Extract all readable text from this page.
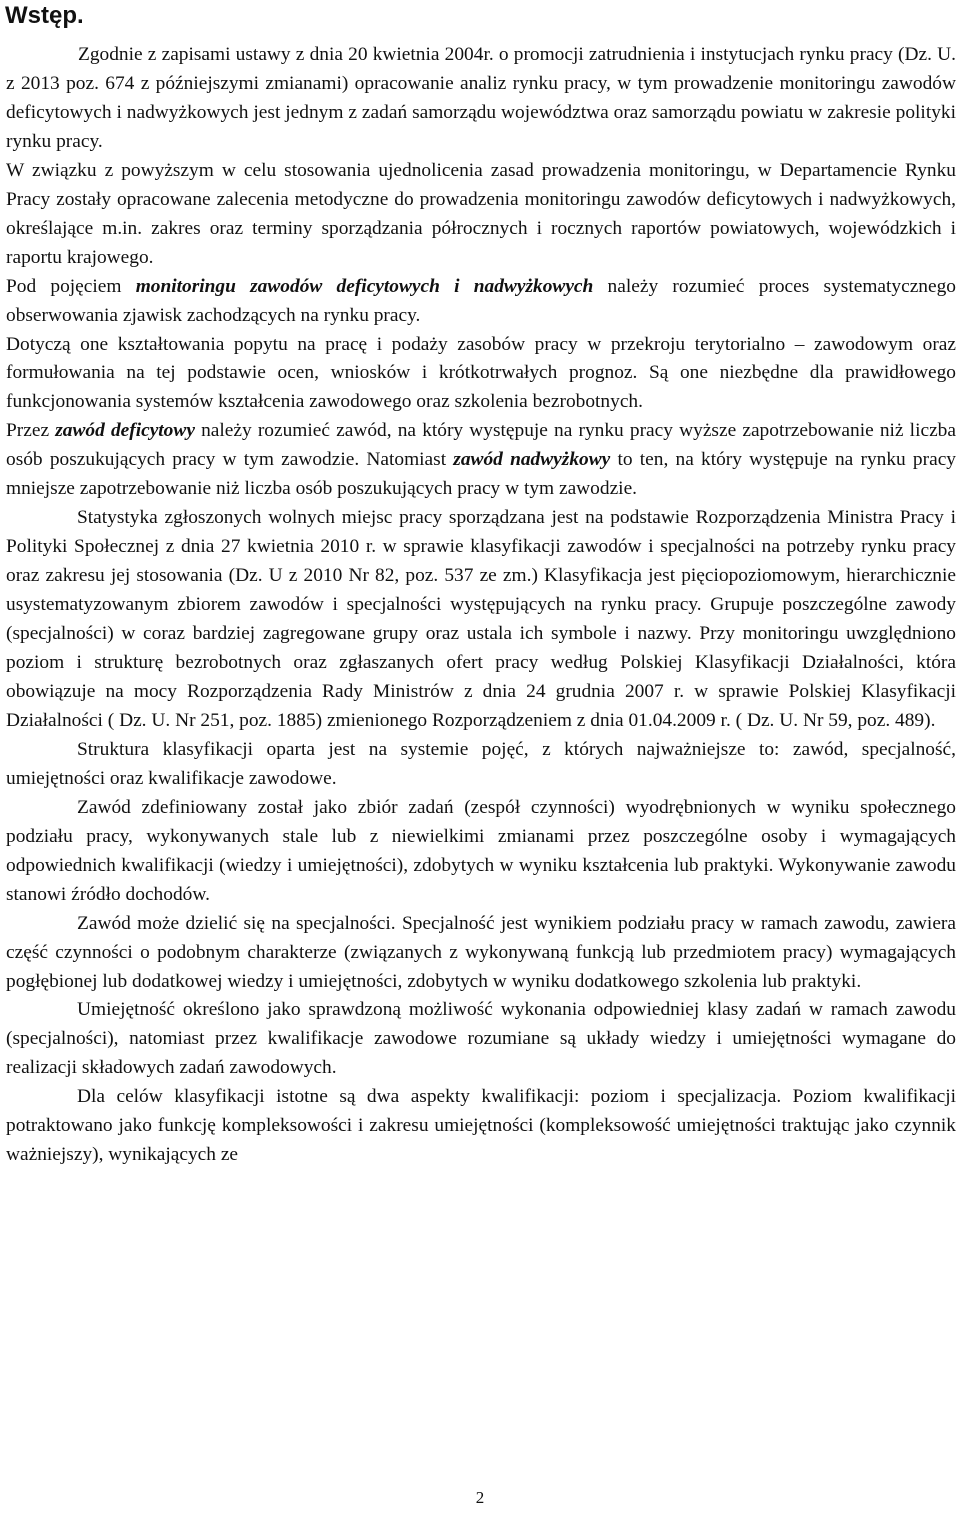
Wstęp.

Zgodnie z zapisami ustawy z dnia 20 kwietnia 2004r. o promocji zatrudnienia i instytucjach rynku pracy (Dz. U. z 2013 poz. 674 z późniejszymi zmianami) opracowanie analiz rynku pracy, w tym prowadzenie monitoringu zawodów deficytowych i nadwyżkowych jest jednym z zadań samorządu województwa oraz samorządu powiatu w zakresie polityki rynku pracy.

W związku z powyższym w celu stosowania ujednolicenia zasad prowadzenia monitoringu, w Departamencie Rynku Pracy zostały opracowane zalecenia metodyczne do prowadzenia monitoringu zawodów deficytowych i nadwyżkowych, określające m.in. zakres oraz terminy sporządzania półrocznych i rocznych raportów powiatowych, wojewódzkich i raportu krajowego.

Pod pojęciem monitoringu zawodów deficytowych i nadwyżkowych należy rozumieć proces systematycznego obserwowania zjawisk zachodzących na rynku pracy.

Dotyczą one kształtowania popytu na pracę i podaży zasobów pracy w przekroju terytorialno – zawodowym oraz formułowania na tej podstawie ocen, wniosków i krótkotrwałych prognoz. Są one niezbędne dla prawidłowego funkcjonowania systemów kształcenia zawodowego oraz szkolenia bezrobotnych.

Przez zawód deficytowy należy rozumieć zawód, na który występuje na rynku pracy wyższe zapotrzebowanie niż liczba osób poszukujących pracy w tym zawodzie. Natomiast zawód nadwyżkowy to ten, na który występuje na rynku pracy mniejsze zapotrzebowanie niż liczba osób poszukujących pracy w tym zawodzie.

Statystyka zgłoszonych wolnych miejsc pracy sporządzana jest na podstawie Rozporządzenia Ministra Pracy i Polityki Społecznej z dnia 27 kwietnia 2010 r. w sprawie klasyfikacji zawodów i specjalności na potrzeby rynku pracy oraz zakresu jej stosowania (Dz. U z 2010 Nr 82, poz. 537 ze zm.) Klasyfikacja jest pięciopoziomowym, hierarchicznie usystematyzowanym zbiorem zawodów i specjalności występujących na rynku pracy. Grupuje poszczególne zawody (specjalności) w coraz bardziej zagregowane grupy oraz ustala ich symbole i nazwy. Przy monitoringu uwzględniono poziom i strukturę bezrobotnych oraz zgłaszanych ofert pracy według Polskiej Klasyfikacji Działalności, która obowiązuje na mocy Rozporządzenia Rady Ministrów z dnia 24 grudnia 2007 r. w sprawie Polskiej Klasyfikacji Działalności ( Dz. U. Nr 251, poz. 1885) zmienionego Rozporządzeniem z dnia 01.04.2009 r. ( Dz. U. Nr 59, poz. 489).

Struktura klasyfikacji oparta jest na systemie pojęć, z których najważniejsze to: zawód, specjalność, umiejętności oraz kwalifikacje zawodowe.

Zawód zdefiniowany został jako zbiór zadań (zespół czynności) wyodrębnionych w wyniku społecznego podziału pracy, wykonywanych stale lub z niewielkimi zmianami przez poszczególne osoby i wymagających odpowiednich kwalifikacji (wiedzy i umiejętności), zdobytych w wyniku kształcenia lub praktyki. Wykonywanie zawodu stanowi źródło dochodów.

Zawód może dzielić się na specjalności. Specjalność jest wynikiem podziału pracy w ramach zawodu, zawiera część czynności o podobnym charakterze (związanych z wykonywaną funkcją lub przedmiotem pracy) wymagających pogłębionej lub dodatkowej wiedzy i umiejętności, zdobytych w wyniku dodatkowego szkolenia lub praktyki.

Umiejętność określono jako sprawdzoną możliwość wykonania odpowiedniej klasy zadań w ramach zawodu (specjalności), natomiast przez kwalifikacje zawodowe rozumiane są układy wiedzy i umiejętności wymagane do realizacji składowych zadań zawodowych.

Dla celów klasyfikacji istotne są dwa aspekty kwalifikacji: poziom i specjalizacja. Poziom kwalifikacji potraktowano jako funkcję kompleksowości i zakresu umiejętności (kompleksowość umiejętności traktując jako czynnik ważniejszy), wynikających ze

2
